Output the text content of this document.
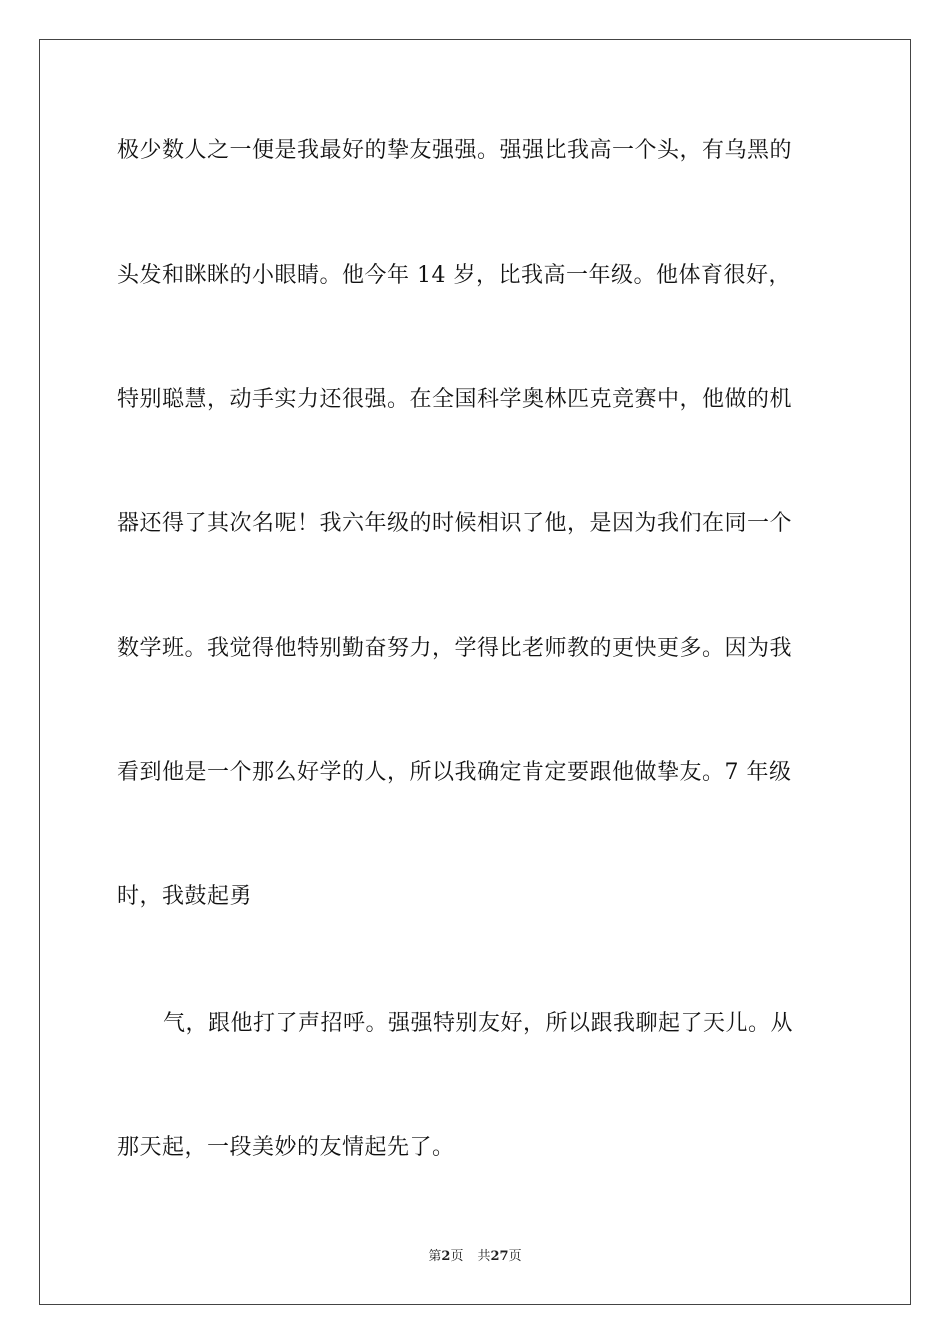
极少数人之一便是我最好的挚友强强。强强比我高一个头，有乌黑的
头发和眯眯的小眼睛。他今年 14 岁，比我高一年级。他体育很好，
特别聪慧，动手实力还很强。在全国科学奥林匹克竞赛中，他做的机
器还得了其次名呢！我六年级的时候相识了他，是因为我们在同一个
数学班。我觉得他特别勤奋努力，学得比老师教的更快更多。因为我
看到他是一个那么好学的人，所以我确定肯定要跟他做挚友。7 年级
时，我鼓起勇
气，跟他打了声招呼。强强特别友好，所以跟我聊起了天儿。从
那天起，一段美妙的友情起先了。
第2页 共27页
